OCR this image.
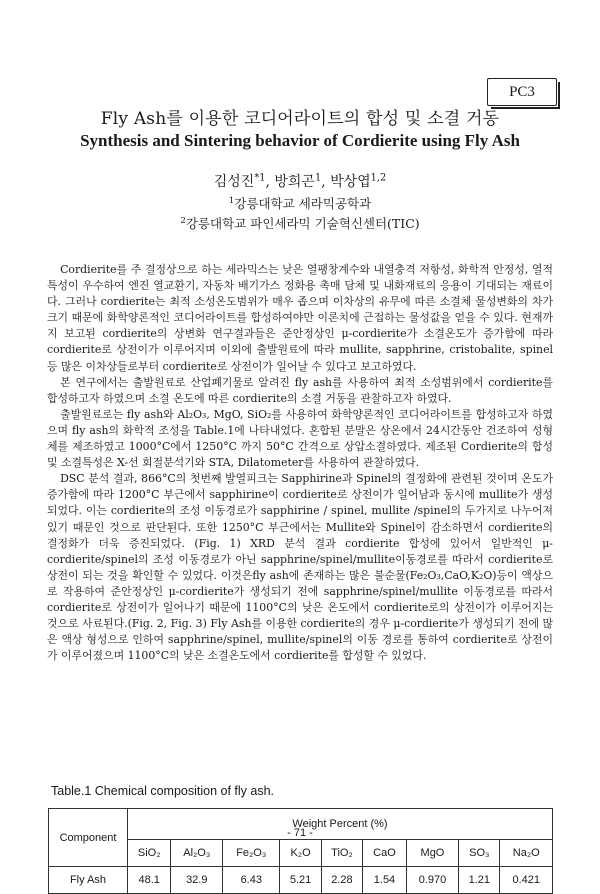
PC3
Fly Ash를 이용한 코디어라이트의 합성 및 소결 거동
Synthesis and Sintering behavior of Cordierite using Fly Ash
김성진$^{*1}$, 방희곤$^1$, 박상엽$^{1,2}$
$^1$강릉대학교 세라믹공학과
$^2$강릉대학교 파인세라믹 기술혁신센터(TIC)

Cordierite를 주 결정상으로 하는 세라믹스는 낮은 열팽창계수와 내열충격 저항성, 화학적 안정성, 열적 특성이 우수하여 엔진 열교환기, 자동차 배기가스 정화용 촉매 담체 및 내화재료의 응용이 기대되는 재료이다. 그러나 cordierite는 최적 소성온도범위가 매우 좁으며 이차상의 유무에 따른 소결체 물성변화의 차가 크기 때문에 화학양론적인 코디어라이트를 합성하여야만 이론치에 근접하는 물성값을 얻을 수 있다. 현재까지 보고된 cordierite의 상변화 연구결과들은 준안정상인 μ-cordierite가 소결온도가 증가함에 따라 cordierite로 상전이가 이루어지며 이외에 출발원료에 따라 mullite, sapphrine, cristobalite, spinel등 많은 이차상들로부터 cordierite로 상전이가 일어날 수 있다고 보고하였다.

본 연구에서는 출발원료로 산업폐기물로 알려진 fly ash를 사용하여 최적 소성범위에서 cordierite를 합성하고자 하였으며 소결 온도에 따른 cordierite의 소결 거동을 관찰하고자 하였다.

출발원료로는 fly ash와 Al₂O₃, MgO, SiO₂를 사용하여 화학양론적인 코디어라이트를 합성하고자 하였으며 fly ash의 화학적 조성을 Table.1에 나타내었다. 혼합된 분말은 상온에서 24시간동안 건조하여 성형체를 제조하였고 1000°C에서 1250°C 까지 50°C 간격으로 상압소결하였다. 제조된 Cordierite의 합성 및 소결특성은 X-선 회절분석기와 STA, Dilatometer를 사용하여 관찰하였다.

DSC 분석 결과, 866°C의 첫번째 발열피크는 Sapphirine과 Spinel의 결정화에 관련된 것이며 온도가 증가함에 따라 1200°C 부근에서 sapphirine이 cordierite로 상전이가 일어남과 동시에 mullite가 생성되었다. 이는 cordierite의 조성 이동경로가 sapphirine / spinel, mullite /spinel의 두가지로 나누어져 있기 때문인 것으로 판단된다. 또한 1250°C 부근에서는 Mullite와 Spinel이 감소하면서 cordierite의 결정화가 더욱 증진되었다. (Fig. 1) XRD 분석 결과 cordierite 합성에 있어서 일반적인 μ-cordierite/spinel의 조성 이동경로가 아닌 sapphrine/spinel/mullite이동경로를 따라서 cordierite로 상전이 되는 것을 확인할 수 있었다. 이것은fly ash에 존재하는 많은 불순물(Fe₂O₃,CaO,K₂O)등이 액상으로 작용하여 준안정상인 μ-cordierite가 생성되기 전에 sapphrine/spinel/mullite 이동경로를 따라서 cordierite로 상전이가 일어나기 때문에 1100°C의 낮은 온도에서 cordierite로의 상전이가 이루어지는 것으로 사료된다.(Fig. 2, Fig. 3) Fly Ash를 이용한 cordierite의 경우 μ-cordierite가 생성되기 전에 많은 액상 형성으로 인하여 sapphrine/spinel, mullite/spinel의 이동 경로를 통하여 cordierite로 상전이가 이루어졌으며 1100°C의 낮은 소결온도에서 cordierite를 합성할 수 있었다.

Table.1 Chemical composition of fly ash.
Component	Weight Percent (%)								
	SiO₂	Al₂O₃	Fe₂O₃	K₂O	TiO₂	CaO	MgO	SO₃	Na₂O
Fly Ash	48.1	32.9	6.43	5.21	2.28	1.54	0.970	1.21	0.421
- 71 -
